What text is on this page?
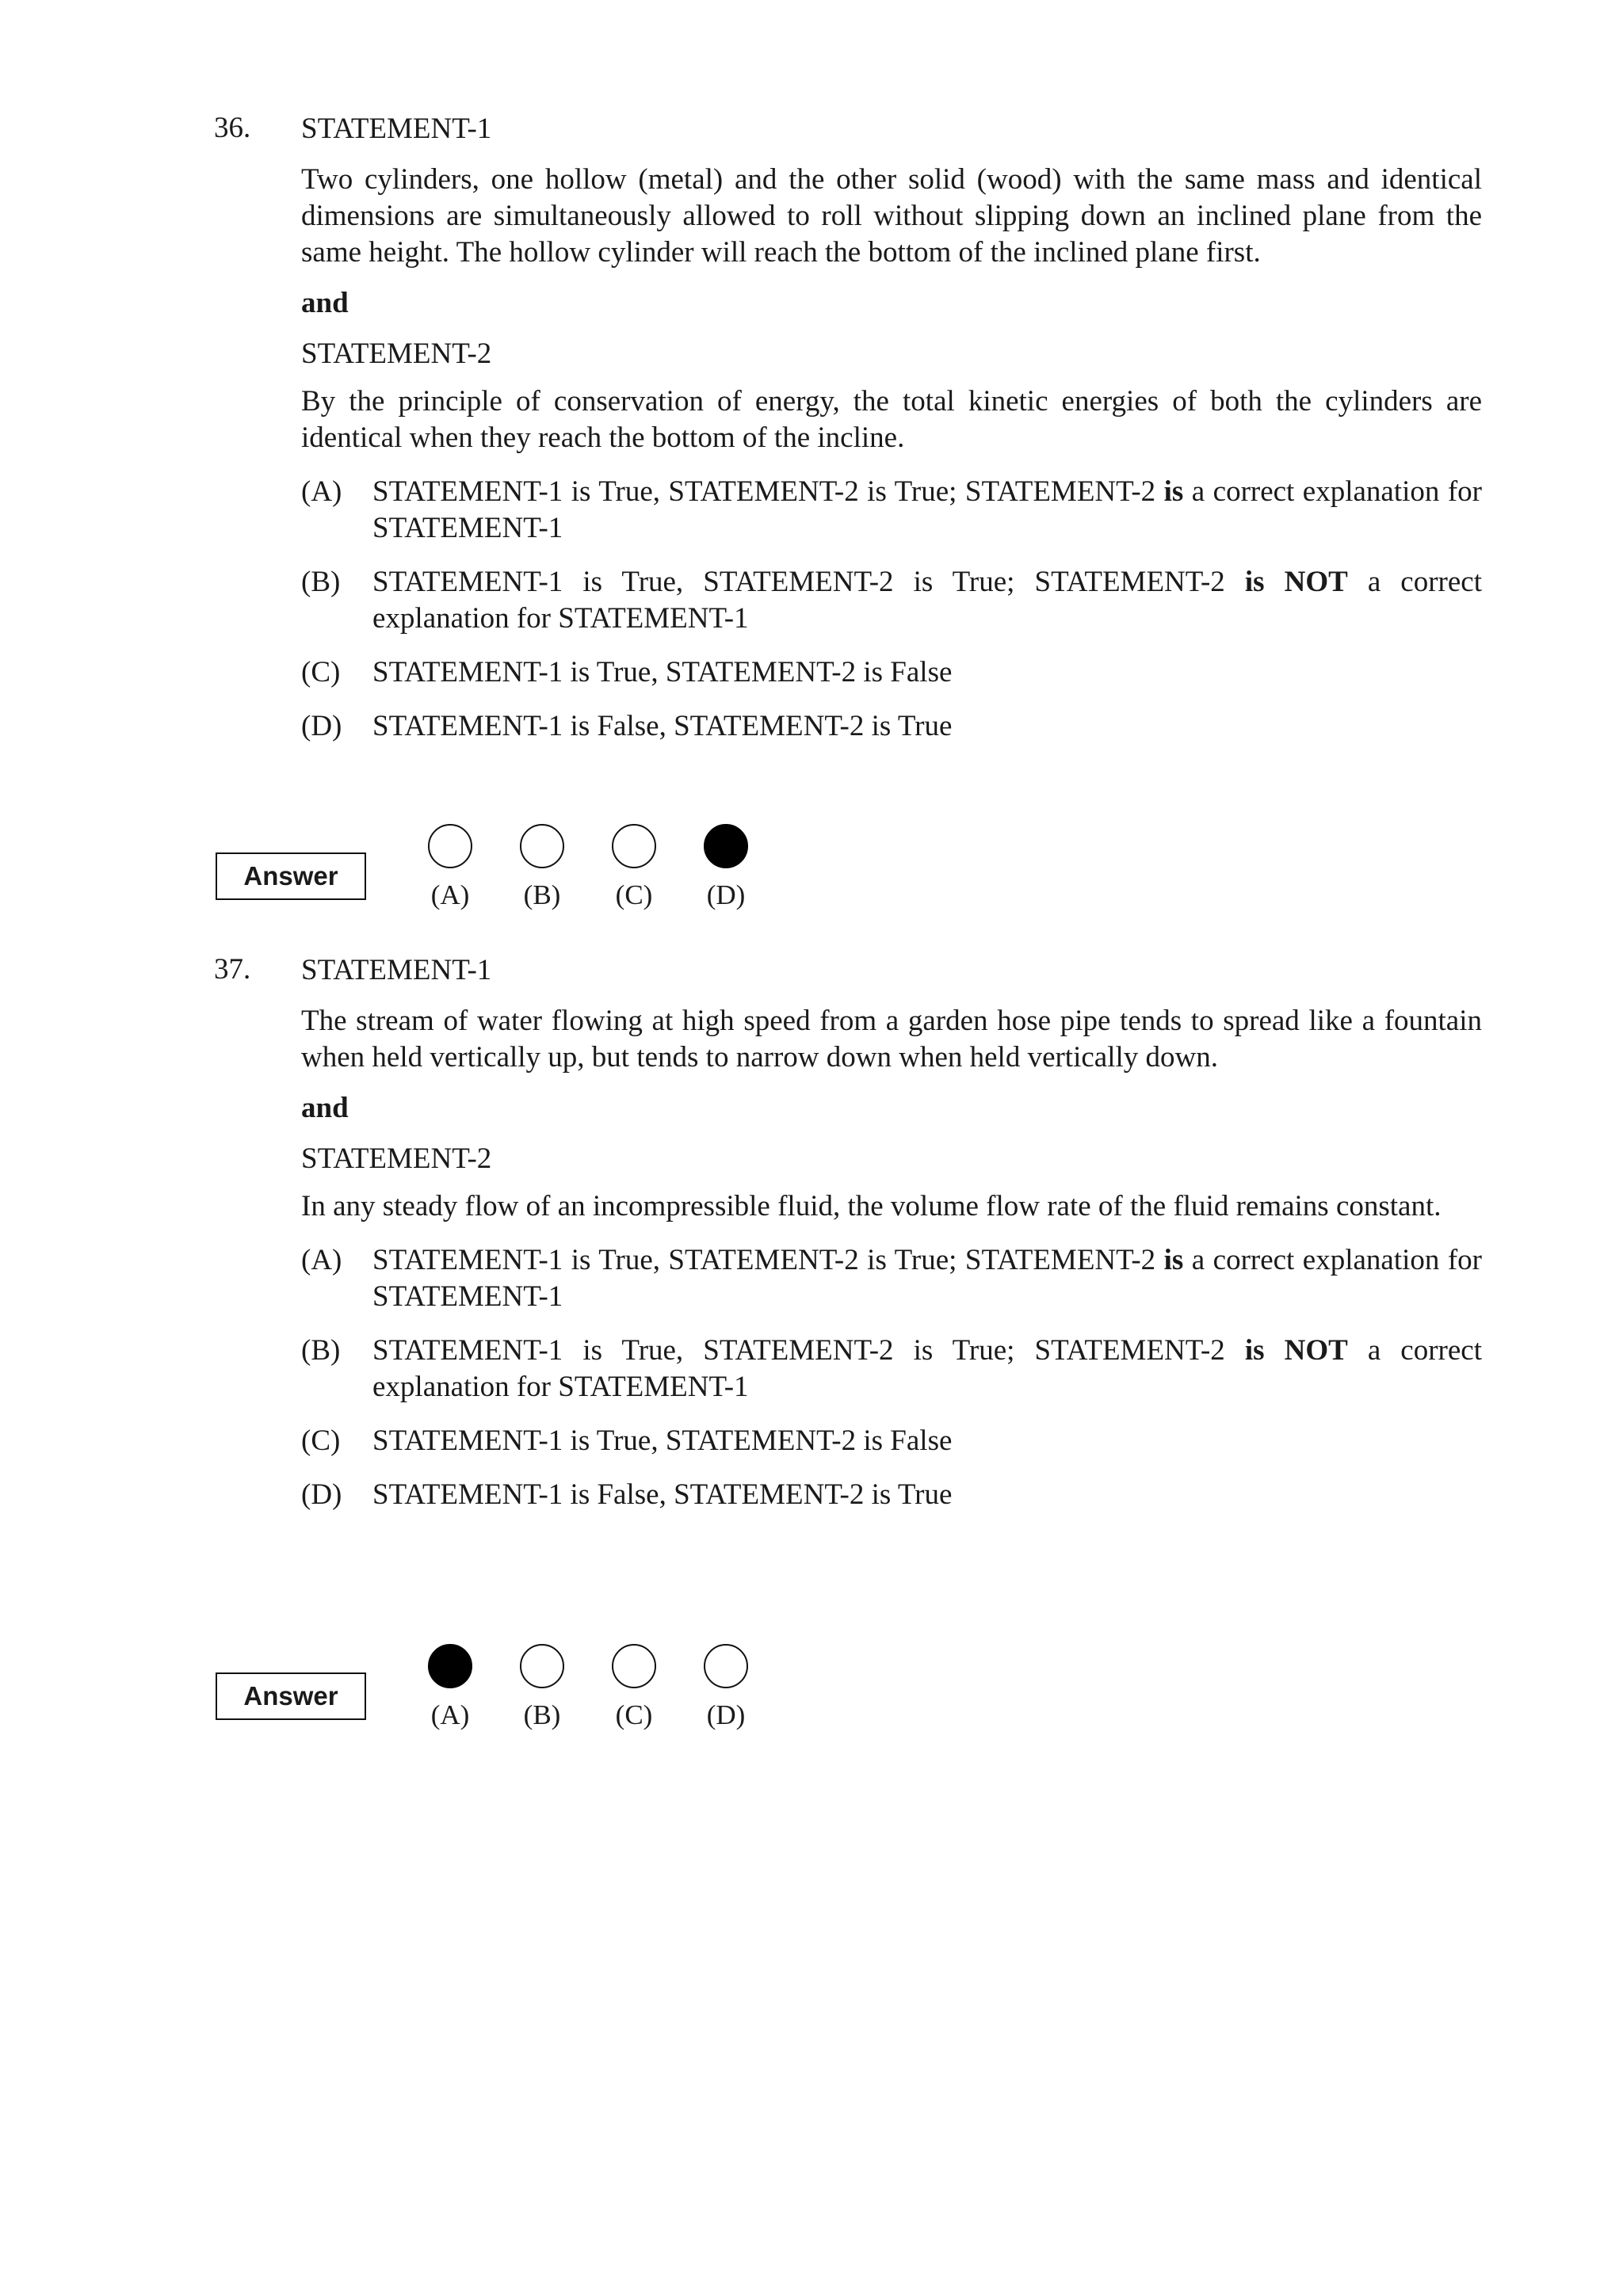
36. STATEMENT-1

Two cylinders, one hollow (metal) and the other solid (wood) with the same mass and identical dimensions are simultaneously allowed to roll without slipping down an inclined plane from the same height. The hollow cylinder will reach the bottom of the inclined plane first.

and

STATEMENT-2

By the principle of conservation of energy, the total kinetic energies of both the cylinders are identical when they reach the bottom of the incline.

(A)	STATEMENT-1 is True, STATEMENT-2 is True; STATEMENT-2 is a correct explanation for STATEMENT-1
(B)	STATEMENT-1 is True, STATEMENT-2 is True; STATEMENT-2 is NOT a correct explanation for STATEMENT-1
(C)	STATEMENT-1 is True, STATEMENT-2 is False
(D)	STATEMENT-1 is False, STATEMENT-2 is True
Answer
(A) (B) (C) (D)
37. STATEMENT-1

The stream of water flowing at high speed from a garden hose pipe tends to spread like a fountain when held vertically up, but tends to narrow down when held vertically down.

and

STATEMENT-2

In any steady flow of an incompressible fluid, the volume flow rate of the fluid remains constant.

(A)	STATEMENT-1 is True, STATEMENT-2 is True; STATEMENT-2 is a correct explanation for STATEMENT-1
(B)	STATEMENT-1 is True, STATEMENT-2 is True; STATEMENT-2 is NOT a correct explanation for STATEMENT-1
(C)	STATEMENT-1 is True, STATEMENT-2 is False
(D)	STATEMENT-1 is False, STATEMENT-2 is True
Answer
(A) (B) (C) (D)
